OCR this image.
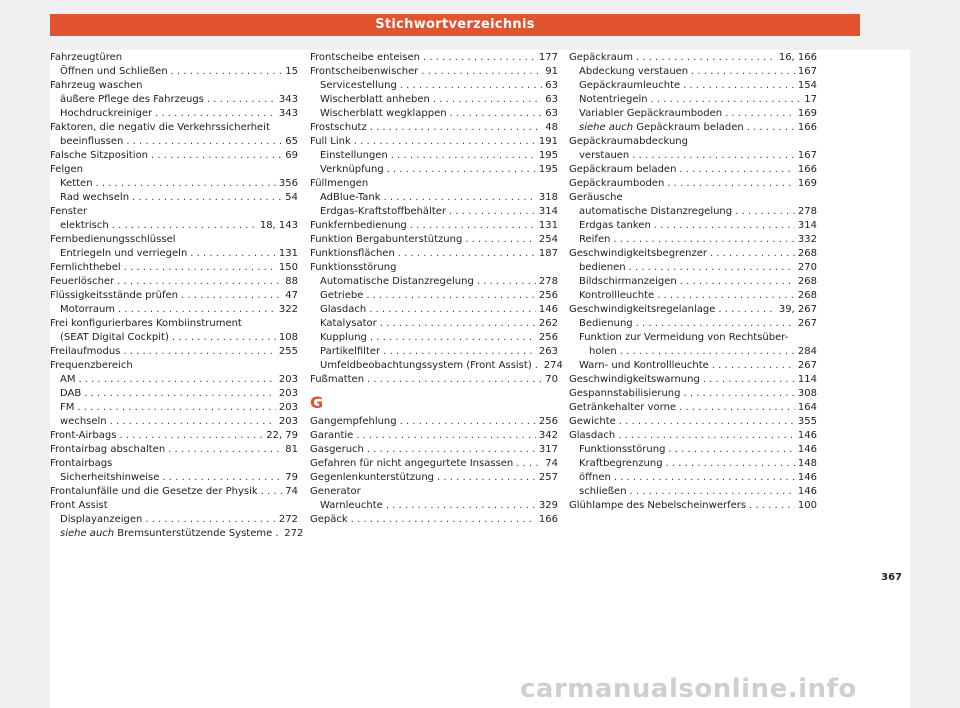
Stichwortverzeichnis
Fahrzeugtüren
Öffnen und Schließen . . .	15
Fahrzeug waschen
äußere Pflege des Fahrzeugs . . .	343
Hochdruckreiniger . . .	343
Faktoren, die negativ die Verkehrssicherheit
beeinflussen . . .	65
Falsche Sitzposition . . .	69
Felgen
Ketten . . .	356
Rad wechseln . . .	54
Fenster
elektrisch . . .	18, 143
Fernbedienungsschlüssel
Entriegeln und verriegeln . . .	131
Fernlichthebel . . .	150
Feuerlöscher . . .	88
Flüssigkeitsstände prüfen . . .	47
Motorraum . . .	322
Frei konfigurierbares Kombiinstrument
(SEAT Digital Cockpit) . . .	108
Freilaufmodus . . .	255
Frequenzbereich
AM . . .	203
DAB . . .	203
FM . . .	203
wechseln . . .	203
Front-Airbags . . .	22, 79
Frontairbag abschalten . . .	81
Frontairbags
Sicherheitshinweise . . .	79
Frontalunfälle und die Gesetze der Physik . . .	74
Front Assist
Displayanzeigen . . .	272
siehe auch Bremsunterstützende Systeme . . . 272
Frontscheibe enteisen . . .	177
Frontscheibenwischer . . .	91
Servicestellung . . .	63
Wischerblatt anheben . . .	63
Wischerblatt wegklappen . . .	63
Frostschutz . . .	48
Full Link . . .	191
Einstellungen . . .	195
Verknüpfung . . .	195
Füllmengen
AdBlue-Tank . . .	318
Erdgas-Kraftstoffbehälter . . .	314
Funkfernbedienung . . .	131
Funktion Bergabunterstützung . . .	254
Funktionsflächen . . .	187
Funktionsstörung
Automatische Distanzregelung . . .	278
Getriebe . . .	256
Glasdach . . .	146
Katalysator . . .	262
Kupplung . . .	256
Partikelfilter . . .	263
Umfeldbeobachtungssystem (Front Assist) . . . 274
Fußmatten . . .	70
G
Gangempfehlung . . .	256
Garantie . . .	342
Gasgeruch . . .	317
Gefahren für nicht angegurtete Insassen . . .	74
Gegenlenkunterstützung . . .	257
Generator
Warnleuchte . . .	329
Gepäck . . .	166
Gepäckraum . . .	16, 166
Abdeckung verstauen . . .	167
Gepäckraumleuchte . . .	154
Notentriegeln . . .	17
Variabler Gepäckraumboden . . .	169
siehe auch Gepäckraum beladen . . .	166
Gepäckraumabdeckung
verstauen . . .	167
Gepäckraum beladen . . .	166
Gepäckraumboden . . .	169
Geräusche
automatische Distanzregelung . . .	278
Erdgas tanken . . .	314
Reifen . . .	332
Geschwindigkeitsbegrenzer . . .	268
bedienen . . .	270
Bildschirmanzeigen . . .	268
Kontrollleuchte . . .	268
Geschwindigkeitsregelanlage . . .	39, 267
Bedienung . . .	267
Funktion zur Vermeidung von Rechtsüber-
holen . . .	284
Warn- und Kontrollleuchte . . .	267
Geschwindigkeitswarnung . . .	114
Gespannstabilisierung . . .	308
Getränkehalter vorne . . .	164
Gewichte . . .	355
Glasdach . . .	146
Funktionsstörung . . .	146
Kraftbegrenzung . . .	148
öffnen . . .	146
schließen . . .	146
Glühlampe des Nebelscheinwerfers . . .	100
367
carmanualsonline.info
